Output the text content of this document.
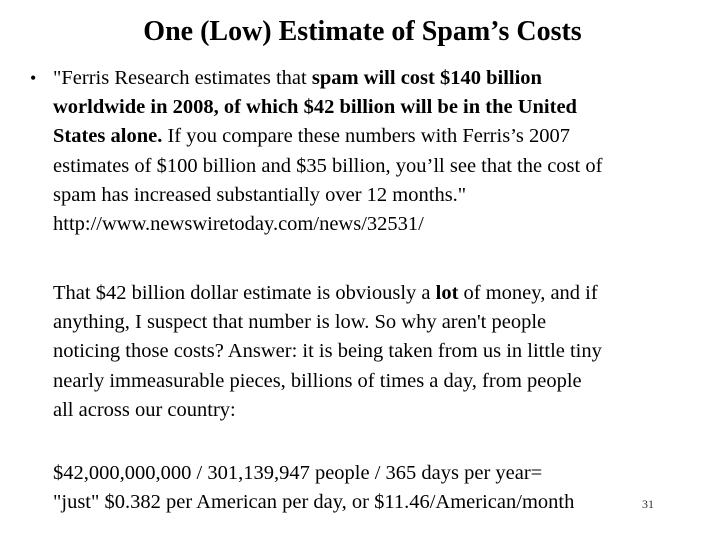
One (Low) Estimate of Spam’s Costs
• "Ferris Research estimates that spam will cost $140 billion
worldwide in 2008, of which $42 billion will be in the United
States alone. If you compare these numbers with Ferris’s 2007
estimates of $100 billion and $35 billion, you’ll see that the cost of
spam has increased substantially over 12 months."
http://www.newswiretoday.com/news/32531/

That $42 billion dollar estimate is obviously a lot of money, and if
anything, I suspect that number is low. So why aren't people
noticing those costs? Answer: it is being taken from us in little tiny
nearly immeasurable pieces, billions of times a day, from people
all across our country:

$42,000,000,000 / 301,139,947 people / 365 days per year=
"just" $0.382 per American per day, or $11.46/American/month	31
